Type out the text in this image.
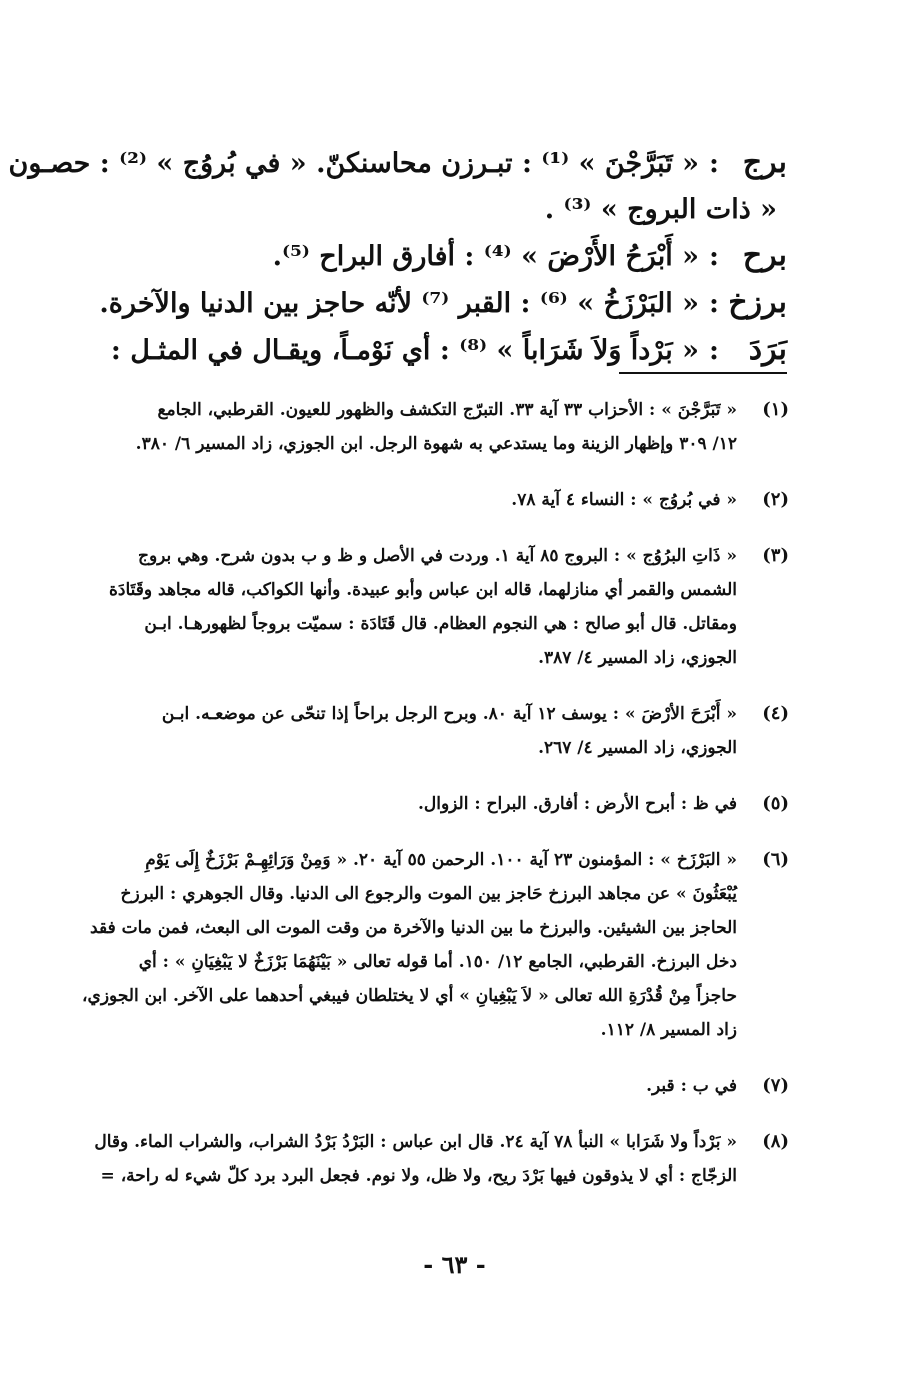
برج
:
« تَبَرَّجْنَ » ⁽¹⁾ : تبـرزن محاسنكنّ. « في بُروُج » ⁽²⁾ : حصـون
« ذات البروج » ⁽³⁾ .
برح
:
« أَبْرَحُ الأَرْضَ » ⁽⁴⁾ : أفارق البراح ⁽⁵⁾.
برزخ
:
« البَرْزَخُ » ⁽⁶⁾ : القبر ⁽⁷⁾ لأنّه حاجز بين الدنيا والآخرة.
بَرَدَ
:
« بَرْداً وَلاَ شَرَاباً » ⁽⁸⁾ : أي نَوْمـاً، ويقـال في المثـل :
(١)
« تَبَرَّجْنَ » : الأحزاب ٣٣ آية ٣٣. التبرّج التكشف والظهور للعيون. القرطبي، الجامع
١٢/ ٣٠٩ وإظهار الزينة وما يستدعي به شهوة الرجل. ابن الجوزي، زاد المسير ٦/ ٣٨٠.
(٢)
« في بُروُج » : النساء ٤ آية ٧٨.
(٣)
« ذَاتِ البرُوُج » : البروج ٨٥ آية ١. وردت في الأصل و ظ و ب بدون شرح. وهي بروج
الشمس والقمر أي منازلهما، قاله ابن عباس وأبو عبيدة. وأنها الكواكب، قاله مجاهد وقَتَادَة
ومقاتل. قال أبو صالح : هي النجوم العظام. قال قَتَادَة : سميّت بروجاً لظهورهـا. ابـن
الجوزي، زاد المسير ٤/ ٣٨٧.
(٤)
« أَبْرَحَ الأرْضَ » : يوسف ١٢ آية ٨٠. وبرح الرجل براحاً إذا تنحّى عن موضعـه. ابـن
الجوزي، زاد المسير ٤/ ٢٦٧.
(٥)
في ظ : أبرح الأرض : أفارق. البراح : الزوال.
(٦)
« البَرْزَخ » : المؤمنون ٢٣ آية ١٠٠. الرحمن ٥٥ آية ٢٠. « وَمِنْ وَرَائِهِـمْ بَرْزَخٌ إِلَى يَوْمِ
يُبْعَثُونَ » عن مجاهد البرزخ حَاجز بين الموت والرجوع الى الدنيا. وقال الجوهري : البرزخ
الحاجز بين الشيئين. والبرزخ ما بين الدنيا والآخرة من وقت الموت الى البعث، فمن مات فقد
دخل البرزخ. القرطبي، الجامع ١٢/ ١٥٠. أما قوله تعالى « بَيْنَهُمَا بَرْزَخٌ لا يَبْغِيَانِ » : أي
حاجزاً مِنْ قُدْرَةِ الله تعالى « لاَ يَبْغِيانِ » أي لا يختلطان فيبغي أحدهما على الآخر. ابن الجوزي،
زاد المسير ٨/ ١١٢.
(٧)
في ب : قبر.
(٨)
« بَرْداً ولا شَرَابا » النبأ ٧٨ آية ٢٤. قال ابن عباس : البَرْدُ بَرْدُ الشراب، والشراب الماء. وقال
الزجّاج : أي لا يذوقون فيها بَرْدَ ريح، ولا ظل، ولا نوم. فجعل البرد برد كلّ شيء له راحة، =
- ٦٣ -
